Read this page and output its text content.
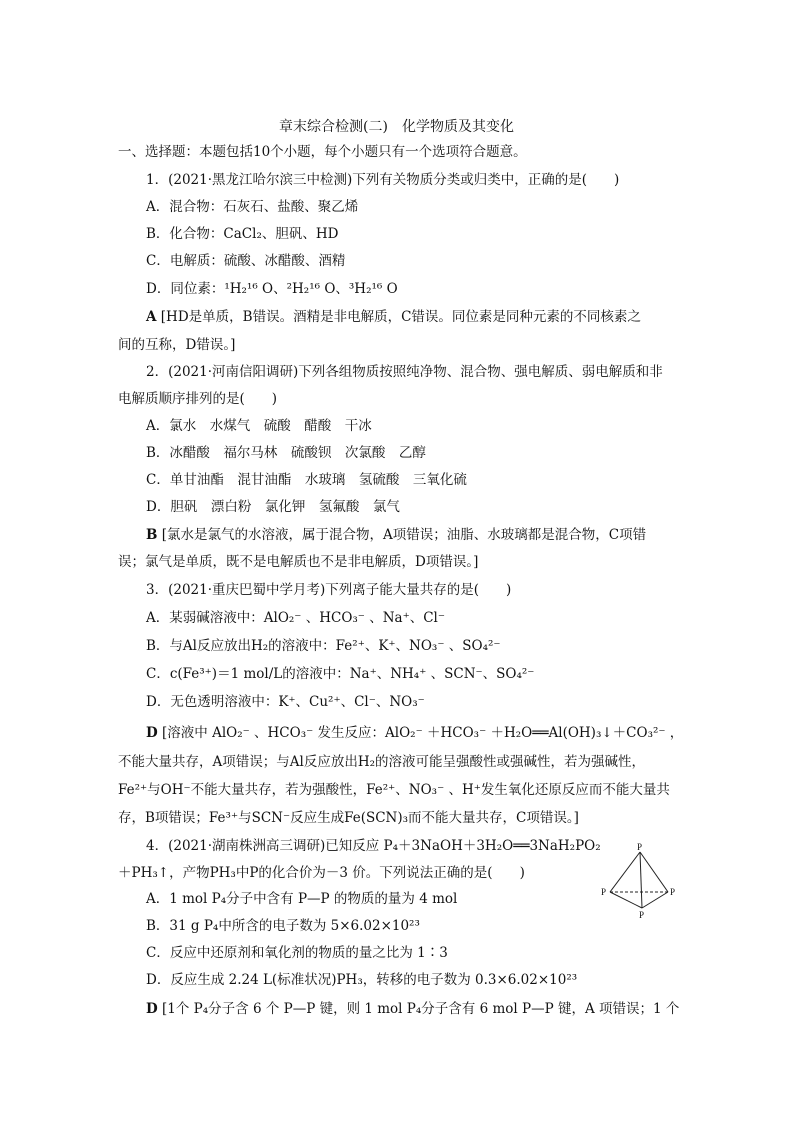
章末综合检测(二)　化学物质及其变化
一、选择题：本题包括10个小题，每个小题只有一个选项符合题意。
1．(2021·黑龙江哈尔滨三中检测)下列有关物质分类或归类中，正确的是(　　)
A．混合物：石灰石、盐酸、聚乙烯
B．化合物：CaCl₂、胆矾、HD
C．电解质：硫酸、冰醋酸、酒精
D．同位素：¹H₂¹⁶ O、²H₂¹⁶ O、³H₂¹⁶ O
A [HD是单质，B错误。酒精是非电解质，C错误。同位素是同种元素的不同核素之
间的互称，D错误。]
2．(2021·河南信阳调研)下列各组物质按照纯净物、混合物、强电解质、弱电解质和非
电解质顺序排列的是(　　)
A．氯水　水煤气　硫酸　醋酸　干冰
B．冰醋酸　福尔马林　硫酸钡　次氯酸　乙醇
C．单甘油酯　混甘油酯　水玻璃　氢硫酸　三氧化硫
D．胆矾　漂白粉　氯化钾　氢氟酸　氯气
B [氯水是氯气的水溶液，属于混合物，A项错误；油脂、水玻璃都是混合物，C项错
误；氯气是单质，既不是电解质也不是非电解质，D项错误。]
3．(2021·重庆巴蜀中学月考)下列离子能大量共存的是(　　)
A．某弱碱溶液中：AlO₂⁻ 、HCO₃⁻ 、Na⁺、Cl⁻
B．与Al反应放出H₂的溶液中：Fe²⁺、K⁺、NO₃⁻ 、SO₄²⁻
C．c(Fe³⁺)＝1 mol/L的溶液中：Na⁺、NH₄⁺ 、SCN⁻、SO₄²⁻
D．无色透明溶液中：K⁺、Cu²⁺、Cl⁻、NO₃⁻
D [溶液中 AlO₂⁻ 、HCO₃⁻ 发生反应：AlO₂⁻ ＋HCO₃⁻ ＋H₂O══Al(OH)₃↓＋CO₃²⁻ ，
不能大量共存，A项错误；与Al反应放出H₂的溶液可能呈强酸性或强碱性，若为强碱性，
Fe²⁺与OH⁻不能大量共存，若为强酸性，Fe²⁺、NO₃⁻ 、H⁺发生氧化还原反应而不能大量共
存，B项错误；Fe³⁺与SCN⁻反应生成Fe(SCN)₃而不能大量共存，C项错误。]
4．(2021·湖南株洲高三调研)已知反应 P₄＋3NaOH＋3H₂O══3NaH₂PO₂
＋PH₃↑，产物PH₃中P的化合价为－3 价。下列说法正确的是(　　)
A．1 mol P₄分子中含有 P—P 的物质的量为 4 mol
B．31 g P₄中所含的电子数为 5×6.02×10²³
C．反应中还原剂和氧化剂的物质的量之比为 1∶3
D．反应生成 2.24 L(标准状况)PH₃，转移的电子数为 0.3×6.02×10²³
D [1个 P₄分子含 6 个 P—P 键，则 1 mol P₄分子含有 6 mol P—P 键，A 项错误；1 个
P
P	P
P
